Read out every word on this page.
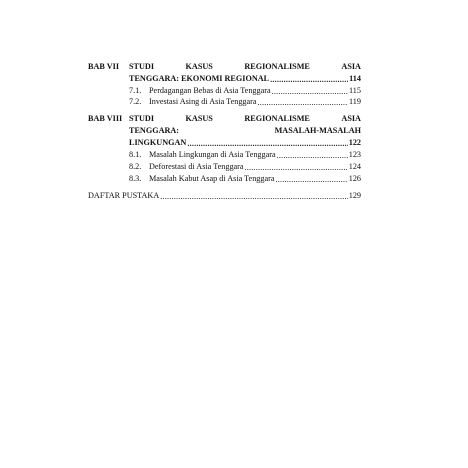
BAB VII STUDI	KASUS	REGIONALISME	ASIA
TENGGARA: EKONOMI REGIONAL .....	114
7.1. Perdagangan Bebas di Asia Tenggara .....	115
7.2. Investasi Asing di Asia Tenggara .....	119
BAB VIII STUDI	KASUS	REGIONALISME	ASIA
TENGGARA:	MASALAH-MASALAH
LINGKUNGAN .....	122
8.1. Masalah Lingkungan di Asia Tenggara .....	123
8.2. Deforestasi di Asia Tenggara .....	124
8.3. Masalah Kabut Asap di Asia Tenggara .....	126
DAFTAR PUSTAKA .....	129
